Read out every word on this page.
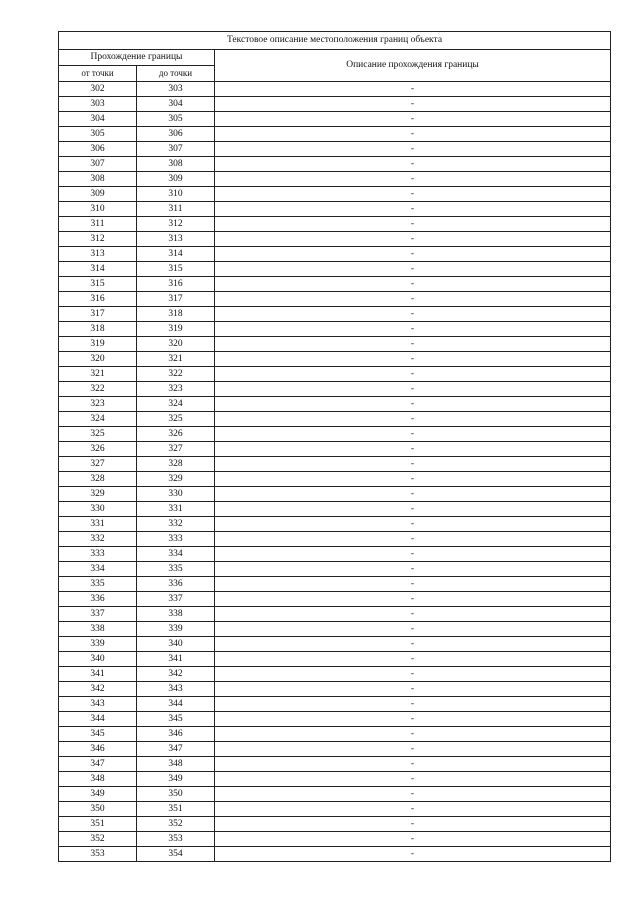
Текстовое описание местоположения границ объекта		
Прохождение границы		Описание прохождения границы
от точки	до точки	
302	303	-
303	304	-
304	305	-
305	306	-
306	307	-
307	308	-
308	309	-
309	310	-
310	311	-
311	312	-
312	313	-
313	314	-
314	315	-
315	316	-
316	317	-
317	318	-
318	319	-
319	320	-
320	321	-
321	322	-
322	323	-
323	324	-
324	325	-
325	326	-
326	327	-
327	328	-
328	329	-
329	330	-
330	331	-
331	332	-
332	333	-
333	334	-
334	335	-
335	336	-
336	337	-
337	338	-
338	339	-
339	340	-
340	341	-
341	342	-
342	343	-
343	344	-
344	345	-
345	346	-
346	347	-
347	348	-
348	349	-
349	350	-
350	351	-
351	352	-
352	353	-
353	354	-
